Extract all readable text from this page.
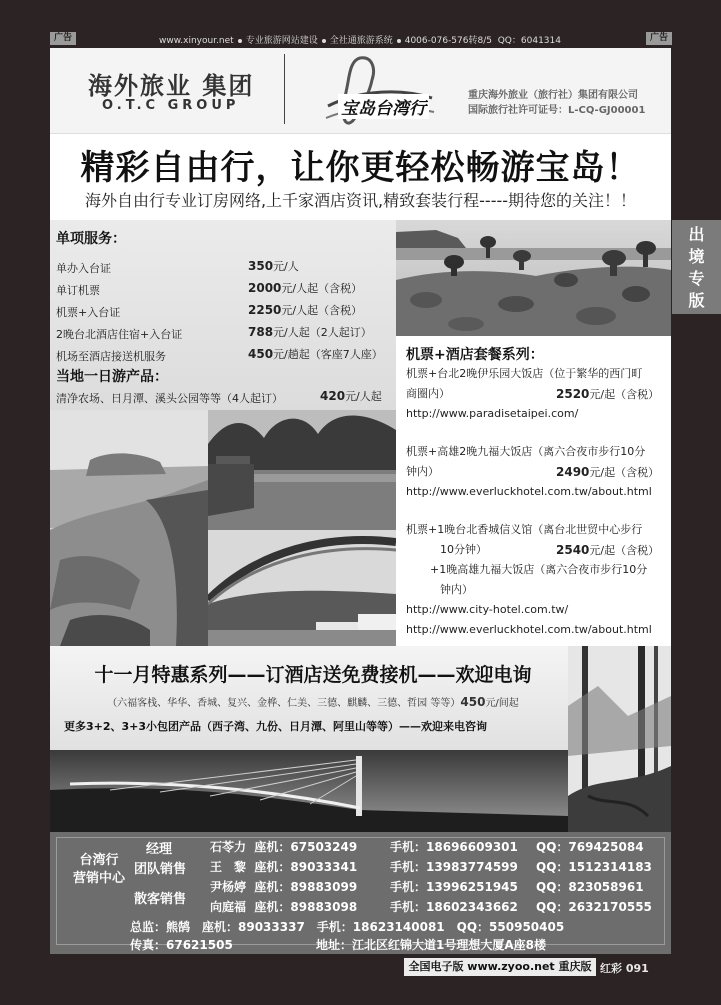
广告	www.xinyour.net 专业旅游网站建设 全社通旅游系统 4006-076-576转8/5 QQ：6041314	广告
海外旅业 集团
O.T.C GROUP	宝岛台湾行
重庆海外旅业（旅行社）集团有限公司
国际旅行社许可证号：L-CQ-GJ00001
精彩自由行，让你更轻松畅游宝岛！
海外自由行专业订房网络,上千家酒店资讯,精致套装行程-----期待您的关注！！
单项服务：
单办入台证	350元/人
单订机票	2000元/人起（含税）
机票+入台证	2250元/人起（含税）
2晚台北酒店住宿+入台证	788元/人起（2人起订）
机场至酒店接送机服务	450元/趟起（客座7人座）
当地一日游产品：
清净农场、日月潭、溪头公园等等（4人起订）	420元/人起
机票+酒店套餐系列：
机票+台北2晚伊乐园大饭店（位于繁华的西门町
商圈内）	2520元/起（含税）
http://www.paradisetaipei.com/
机票+高雄2晚九福大饭店（离六合夜市步行10分
钟内）	2490元/起（含税）
http://www.everluckhotel.com.tw/about.html
机票+1晚台北香城信义馆（离台北世贸中心步行
10分钟）	2540元/起（含税）
+1晚高雄九福大饭店（离六合夜市步行10分
钟内）
http://www.city-hotel.com.tw/
http://www.everluckhotel.com.tw/about.html
十一月特惠系列——订酒店送免费接机——欢迎电询
（六福客栈、华华、香城、复兴、金桦、仁美、三德、麒麟、三德、哲园 等等）450元/间起
更多3+2、3+3小包团产品（西子湾、九份、日月潭、阿里山等等）——欢迎来电咨询
台湾行
营销中心
经理
团队销售
散客销售
石苓力 座机：67503249	手机：18696609301 QQ：769425084
王　黎 座机：89033341	手机：13983774599 QQ：1512314183
尹杨婷 座机：89883099	手机：13996251945 QQ：823058961
向庭福 座机：89883098	手机：18602343662 QQ：2632170555
总监：熊鹄　座机：89033337　手机：18623140081　QQ：550950405
传真：67621505	地址：江北区红锦大道1号理想大厦A座8楼
出
境
专
版
全国电子版 www.zyoo.net 重庆版 红彩 091
